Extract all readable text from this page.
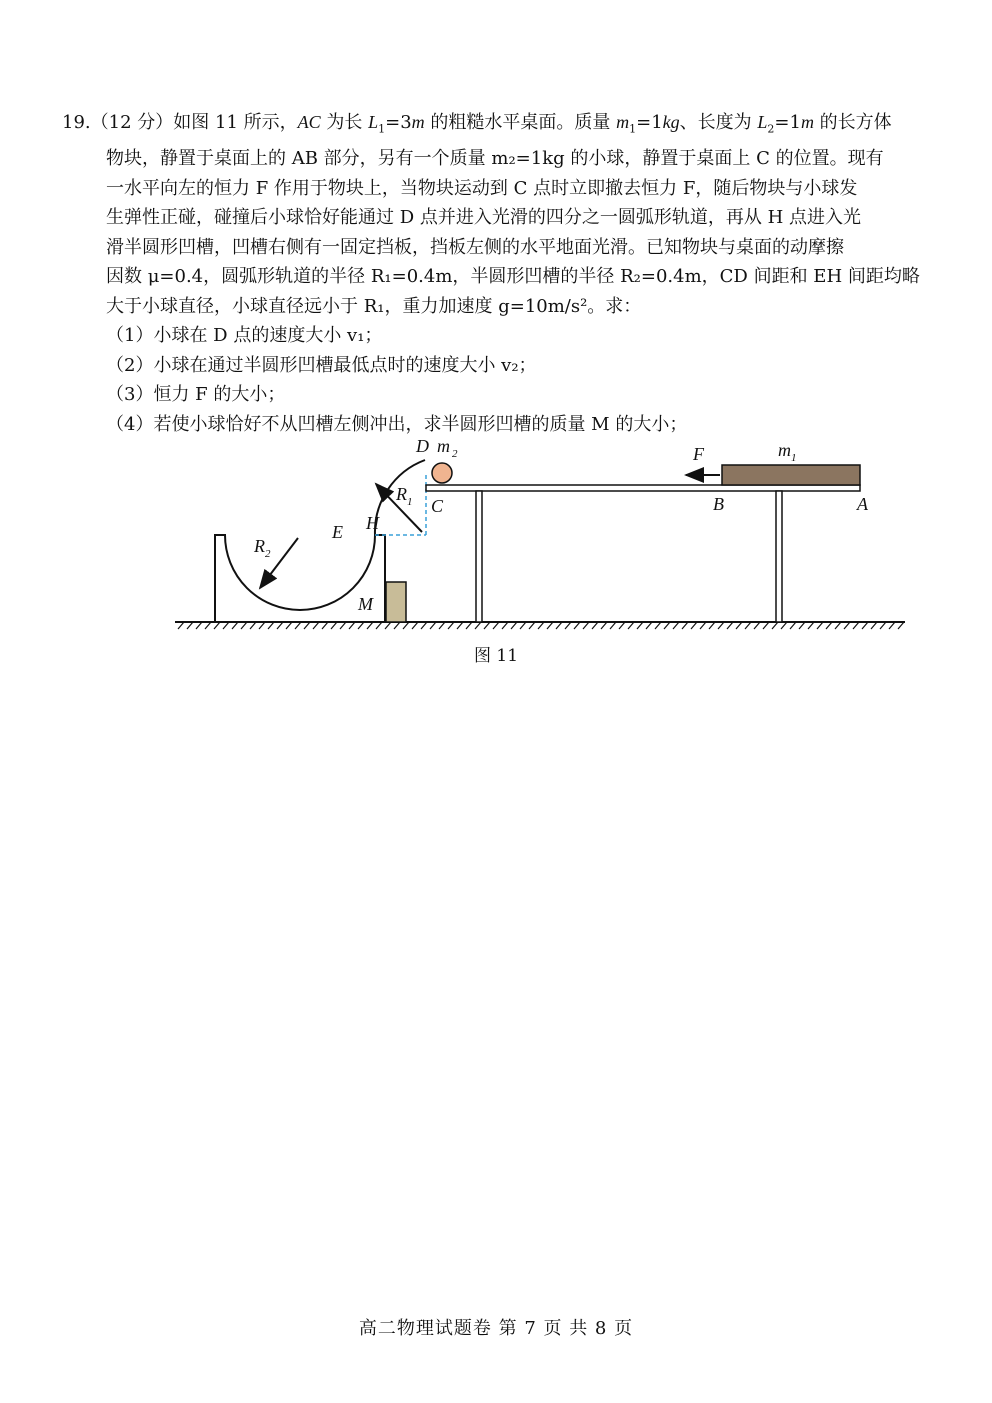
19.（12 分）如图 11 所示，AC 为长 $L_1=3m$ 的粗糙水平桌面。质量 $m_1=1kg$、长度为 $L_2=1m$ 的长方体

物块，静置于桌面上的 AB 部分，另有一个质量 m₂=1kg 的小球，静置于桌面上 C 的位置。现有

一水平向左的恒力 F 作用于物块上，当物块运动到 C 点时立即撤去恒力 F，随后物块与小球发

生弹性正碰，碰撞后小球恰好能通过 D 点并进入光滑的四分之一圆弧形轨道，再从 H 点进入光

滑半圆形凹槽，凹槽右侧有一固定挡板，挡板左侧的水平地面光滑。已知物块与桌面的动摩擦

因数 μ=0.4，圆弧形轨道的半径 R₁=0.4m，半圆形凹槽的半径 R₂=0.4m，CD 间距和 EH 间距均略

大于小球直径，小球直径远小于 R₁，重力加速度 g=10m/s²。求：

（1）小球在 D 点的速度大小 v₁；

（2）小球在通过半圆形凹槽最低点时的速度大小 v₂；

（3）恒力 F 的大小；

（4）若使小球恰好不从凹槽左侧冲出，求半圆形凹槽的质量 M 的大小；

D m 2
R 1 C
E H
R 2
M
F	m 1
B	A
图 11
高二物理试题卷 第 7 页 共 8 页
